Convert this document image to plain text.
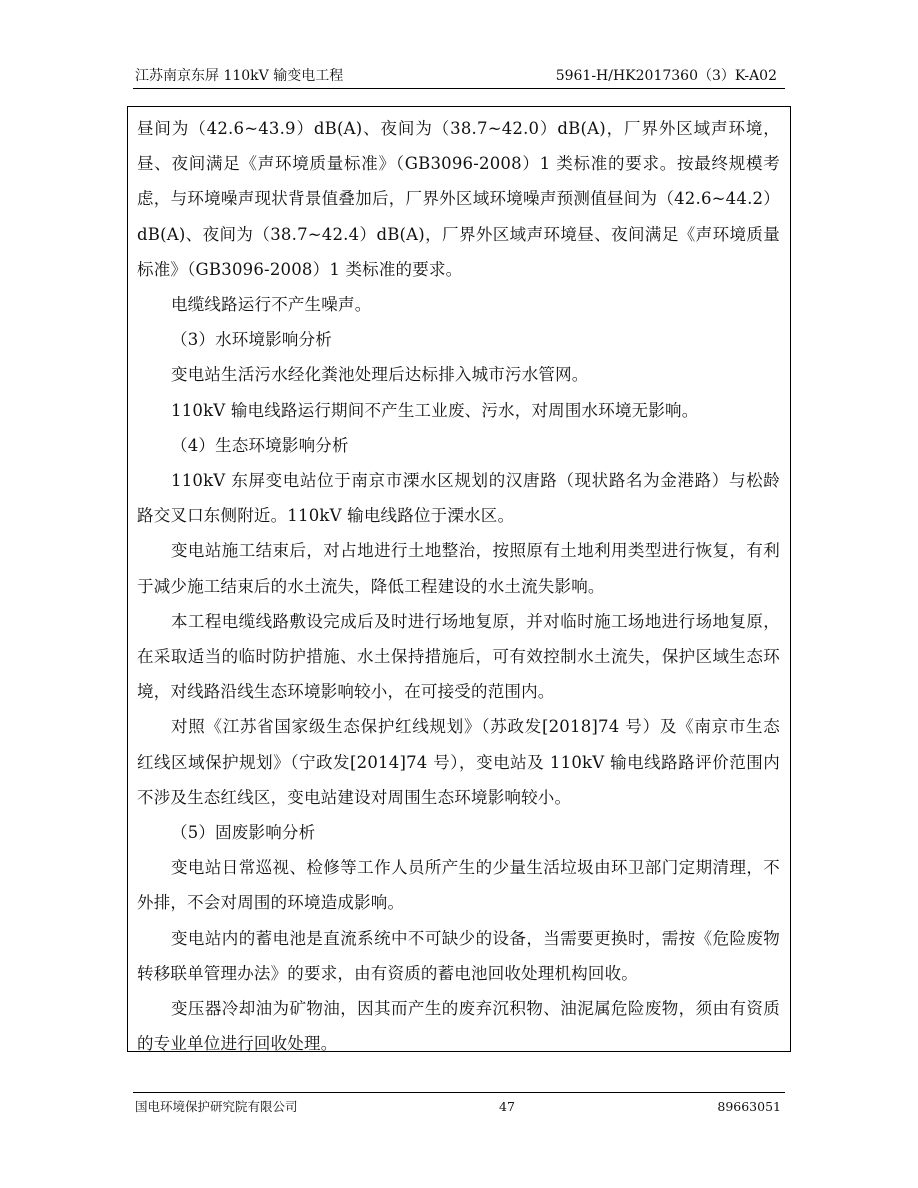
江苏南京东屏 110kV 输变电工程	5961-H/HK2017360（3）K-A02

昼间为（42.6~43.9）dB(A)、夜间为（38.7~42.0）dB(A)，厂界外区域声环境，昼、夜间满足《声环境质量标准》（GB3096-2008）1 类标准的要求。按最终规模考虑，与环境噪声现状背景值叠加后，厂界外区域环境噪声预测值昼间为（42.6~44.2）dB(A)、夜间为（38.7~42.4）dB(A)，厂界外区域声环境昼、夜间满足《声环境质量标准》（GB3096-2008）1 类标准的要求。

电缆线路运行不产生噪声。

（3）水环境影响分析

变电站生活污水经化粪池处理后达标排入城市污水管网。

110kV 输电线路运行期间不产生工业废、污水，对周围水环境无影响。

（4）生态环境影响分析

110kV 东屏变电站位于南京市溧水区规划的汉唐路（现状路名为金港路）与松龄路交叉口东侧附近。110kV 输电线路位于溧水区。

变电站施工结束后，对占地进行土地整治，按照原有土地利用类型进行恢复，有利于减少施工结束后的水土流失，降低工程建设的水土流失影响。

本工程电缆线路敷设完成后及时进行场地复原，并对临时施工场地进行场地复原，在采取适当的临时防护措施、水土保持措施后，可有效控制水土流失，保护区域生态环境，对线路沿线生态环境影响较小，在可接受的范围内。

对照《江苏省国家级生态保护红线规划》（苏政发[2018]74 号）及《南京市生态红线区域保护规划》（宁政发[2014]74 号），变电站及 110kV 输电线路路评价范围内不涉及生态红线区，变电站建设对周围生态环境影响较小。

（5）固废影响分析

变电站日常巡视、检修等工作人员所产生的少量生活垃圾由环卫部门定期清理，不外排，不会对周围的环境造成影响。

变电站内的蓄电池是直流系统中不可缺少的设备，当需要更换时，需按《危险废物转移联单管理办法》的要求，由有资质的蓄电池回收处理机构回收。

变压器冷却油为矿物油，因其而产生的废弃沉积物、油泥属危险废物，须由有资质的专业单位进行回收处理。

国电环境保护研究院有限公司	47	89663051
